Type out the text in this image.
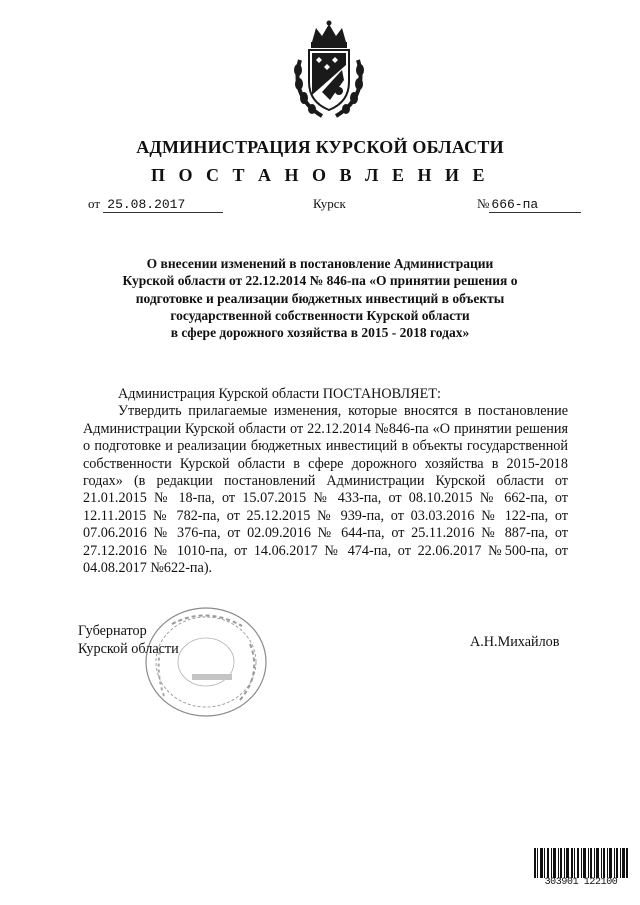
АДМИНИСТРАЦИЯ КУРСКОЙ ОБЛАСТИ
П О С Т А Н О В Л Е Н И Е
от 25.08.2017	Курск	№ 666-па
О внесении изменений в постановление Администрации
Курской области от 22.12.2014 № 846-па «О принятии решения о
подготовке и реализации бюджетных инвестиций в объекты
государственной собственности Курской области
в сфере дорожного хозяйства в 2015 - 2018 годах»

Администрация Курской области ПОСТАНОВЛЯЕТ:

Утвердить прилагаемые изменения, которые вносятся в постановление Администрации Курской области от 22.12.2014 №846-па «О принятии решения о подготовке и реализации бюджетных инвестиций в объекты государственной собственности Курской области в сфере дорожного хозяйства в 2015-2018 годах» (в редакции постановлений Администрации Курской области от 21.01.2015 № 18-па, от 15.07.2015 № 433-па, от 08.10.2015 № 662-па, от 12.11.2015 № 782-па, от 25.12.2015 № 939-па, от 03.03.2016 № 122-па, от 07.06.2016 № 376-па, от 02.09.2016 № 644-па, от 25.11.2016 № 887-па, от 27.12.2016 № 1010-па, от 14.06.2017 № 474-па, от 22.06.2017 №500-па, от 04.08.2017 №622-па).

Губернатор
Курской области	А.Н.Михайлов
303901 122100
